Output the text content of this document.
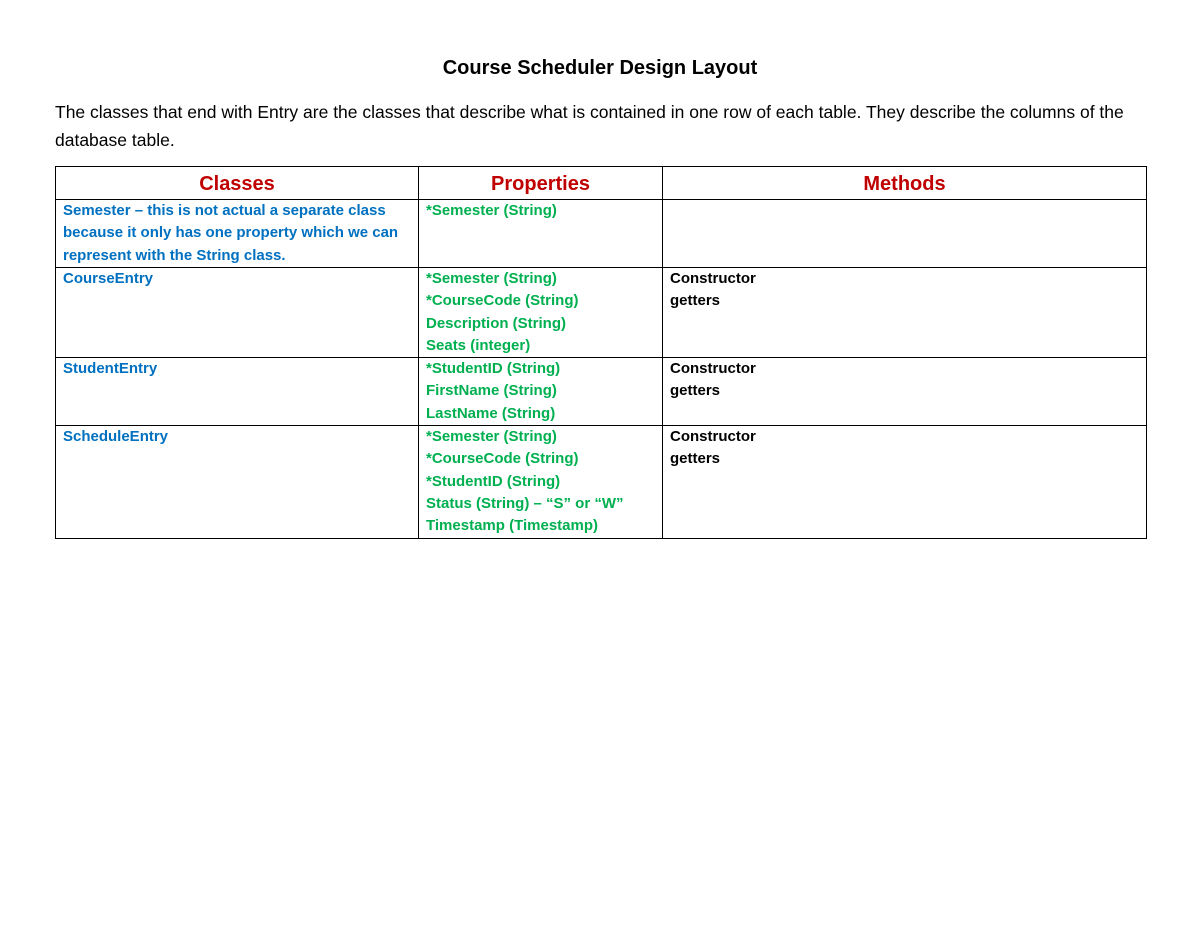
Course Scheduler Design Layout

The classes that end with Entry are the classes that describe what is contained in one row of each table. They describe the columns of the database table.

Classes	Properties	Methods

Semester – this is not actual a separate class because it only has one property which we can represent with the String class.	*Semester (String)	

CourseEntry	*Semester (String)
*CourseCode (String)
Description (String)
Seats (integer)	Constructor
getters

StudentEntry	*StudentID (String)
FirstName (String)
LastName (String)	Constructor
getters

ScheduleEntry	*Semester (String)
*CourseCode (String)
*StudentID (String)
Status (String) – “S” or “W”
Timestamp (Timestamp)	Constructor
getters
